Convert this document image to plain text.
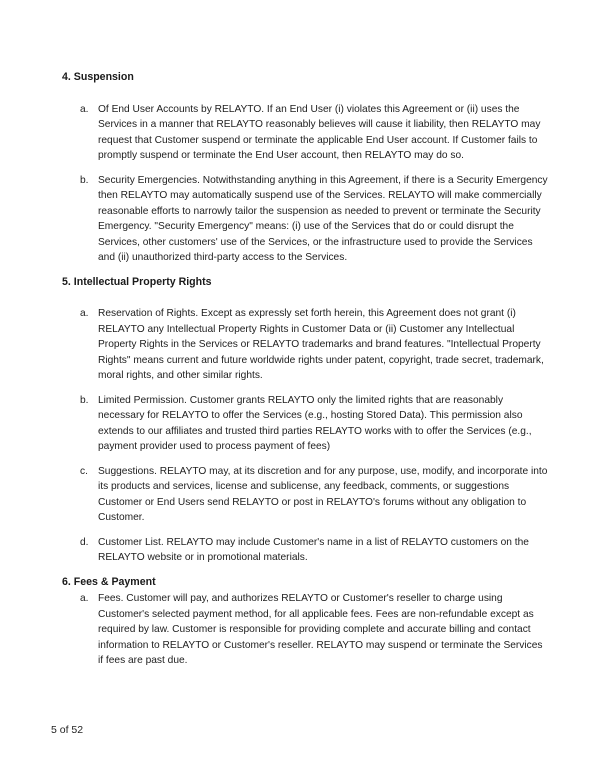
4. Suspension
a. Of End User Accounts by RELAYTO. If an End User (i) violates this Agreement or (ii) uses the Services in a manner that RELAYTO reasonably believes will cause it liability, then RELAYTO may request that Customer suspend or terminate the applicable End User account. If Customer fails to promptly suspend or terminate the End User account, then RELAYTO may do so.
b. Security Emergencies. Notwithstanding anything in this Agreement, if there is a Security Emergency then RELAYTO may automatically suspend use of the Services. RELAYTO will make commercially reasonable efforts to narrowly tailor the suspension as needed to prevent or terminate the Security Emergency. "Security Emergency" means: (i) use of the Services that do or could disrupt the Services, other customers' use of the Services, or the infrastructure used to provide the Services and (ii) unauthorized third-party access to the Services.
5. Intellectual Property Rights
a. Reservation of Rights. Except as expressly set forth herein, this Agreement does not grant (i) RELAYTO any Intellectual Property Rights in Customer Data or (ii) Customer any Intellectual Property Rights in the Services or RELAYTO trademarks and brand features. "Intellectual Property Rights" means current and future worldwide rights under patent, copyright, trade secret, trademark, moral rights, and other similar rights.
b. Limited Permission. Customer grants RELAYTO only the limited rights that are reasonably necessary for RELAYTO to offer the Services (e.g., hosting Stored Data). This permission also extends to our affiliates and trusted third parties RELAYTO works with to offer the Services (e.g., payment provider used to process payment of fees)
c. Suggestions. RELAYTO may, at its discretion and for any purpose, use, modify, and incorporate into its products and services, license and sublicense, any feedback, comments, or suggestions Customer or End Users send RELAYTO or post in RELAYTO's forums without any obligation to Customer.
d. Customer List. RELAYTO may include Customer's name in a list of RELAYTO customers on the RELAYTO website or in promotional materials.
6. Fees & Payment
a. Fees. Customer will pay, and authorizes RELAYTO or Customer's reseller to charge using Customer's selected payment method, for all applicable fees. Fees are non-refundable except as required by law. Customer is responsible for providing complete and accurate billing and contact information to RELAYTO or Customer's reseller. RELAYTO may suspend or terminate the Services if fees are past due.
5 of 52
